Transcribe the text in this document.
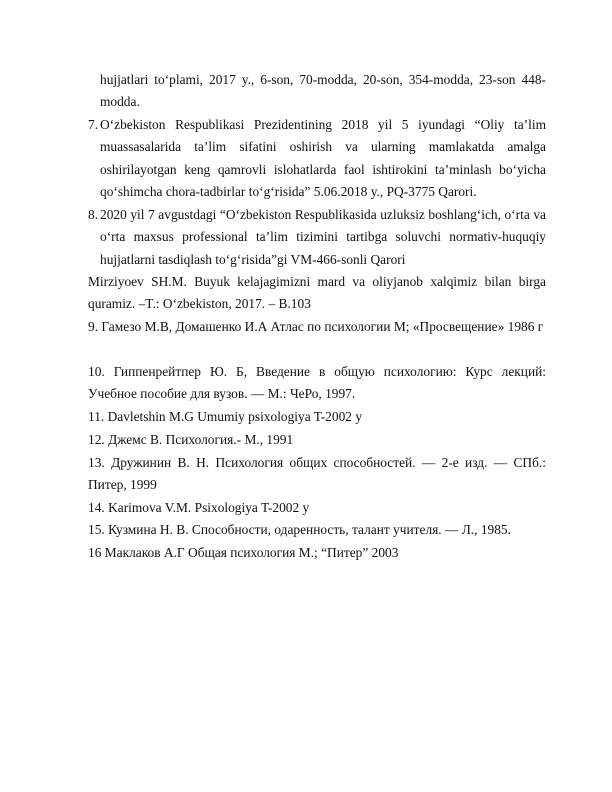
hujjatlari to‘plami, 2017 y., 6-son, 70-modda, 20-son, 354-modda, 23-son 448-modda.
7. O‘zbekiston Respublikasi Prezidentining 2018 yil 5 iyundagi “Oliy ta’lim muassasalarida ta’lim sifatini oshirish va ularning mamlakatda amalga oshirilayotgan keng qamrovli islohatlarda faol ishtirokini ta’minlash bo‘yicha qo‘shimcha chora-tadbirlar to‘g‘risida” 5.06.2018 y., PQ-3775 Qarori.
8. 2020 yil 7 avgustdagi “O‘zbekiston Respublikasida uzluksiz boshlang‘ich, o‘rta va o‘rta maxsus professional ta’lim tizimini tartibga soluvchi normativ-huquqiy hujjatlarni tasdiqlash to‘g‘risida”gi VM-466-sonli Qarori
Mirziyoev SH.M. Buyuk kelajagimizni mard va oliyjanob xalqimiz bilan birga quramiz. –T.: O‘zbekiston, 2017. – B.103
9. Гамезо М.В, Домашенко И.А Атлас по психологии М; «Просвещение» 1986 г
10. Гиппенрейтпер Ю. Б, Введение в общую психологию: Курс лекций: Учебное пособие для вузов. — М.: ЧеРо, 1997.
11. Davletshin M.G Umumiy psixologiya T-2002 y
12. Джемс В. Психология.- М., 1991
13. Дружинин В. Н. Психология общих способностей. — 2-е изд. — СПб.: Питер, 1999
14. Karimova V.M. Psixologiya T-2002 y
15. Кузмина Н. В. Способности, одаренность, талант учителя. — Л., 1985.
16 Маклаков А.Г Общая психология М.; “Питер” 2003
